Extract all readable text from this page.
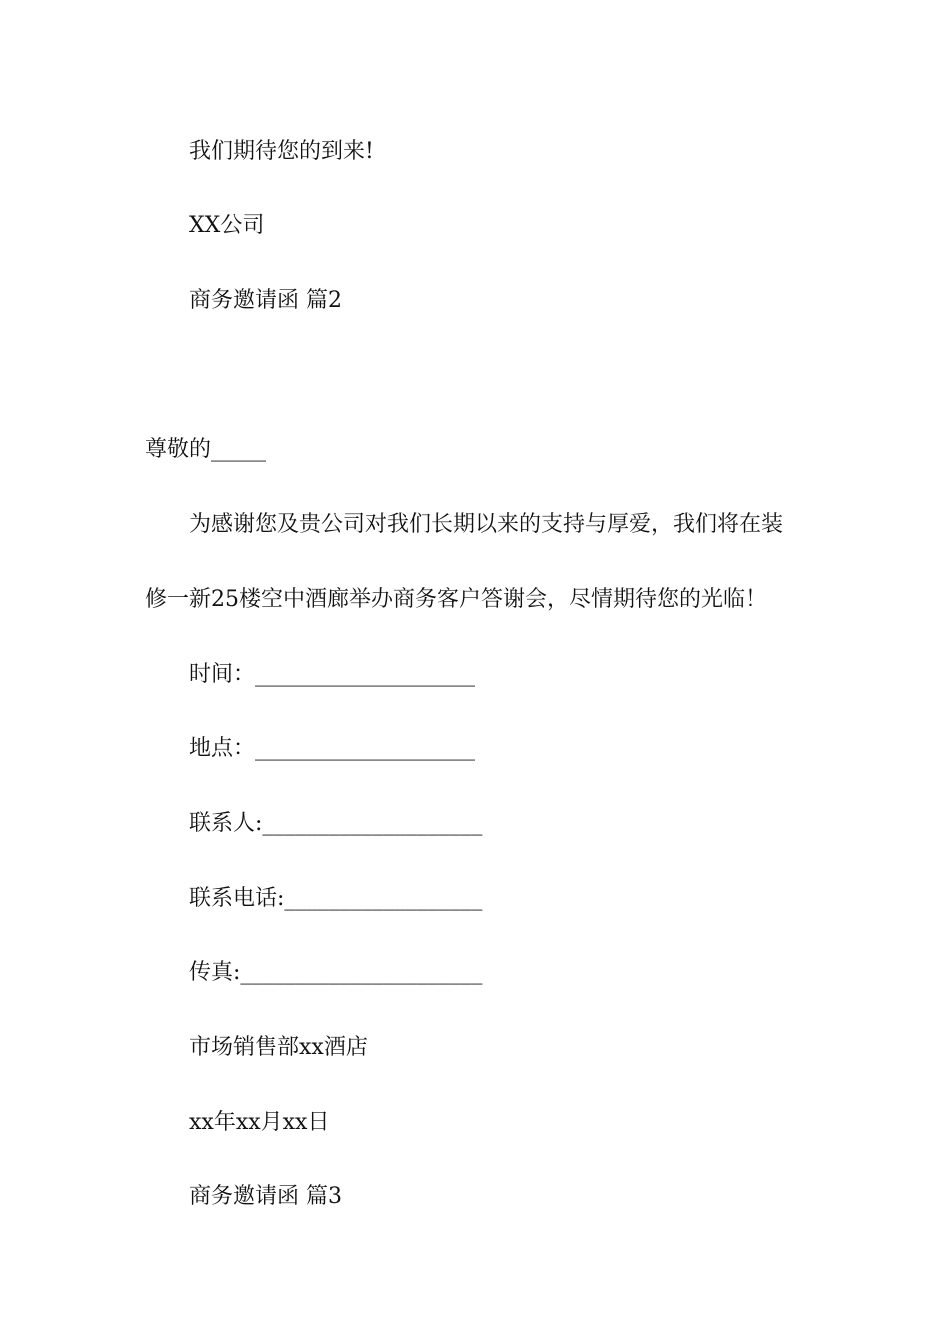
我们期待您的到来!
XX公司
商务邀请函 篇2
尊敬的_____
为感谢您及贵公司对我们长期以来的支持与厚爱，我们将在装
修一新25楼空中酒廊举办商务客户答谢会，尽情期待您的光临！
时间：____________________
地点：____________________
联系人:____________________
联系电话:__________________
传真:______________________
市场销售部xx酒店
xx年xx月xx日
商务邀请函 篇3
